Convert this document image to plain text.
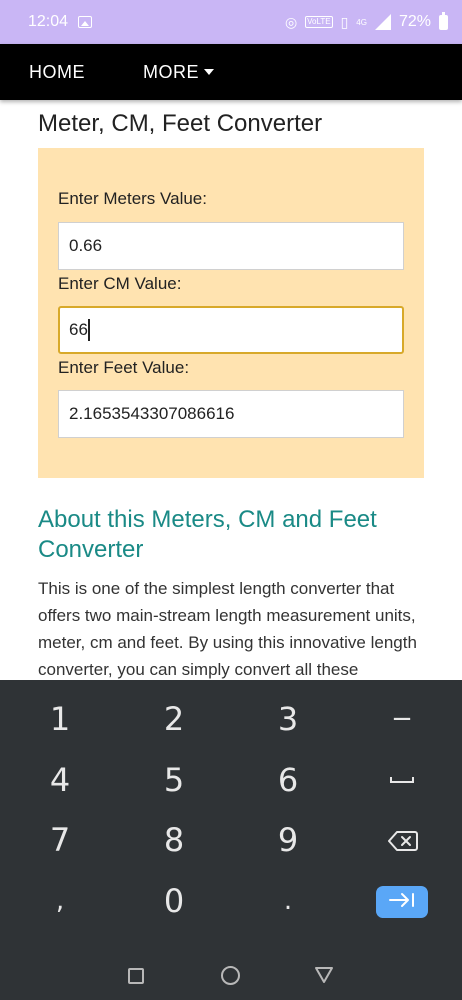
12:04	◎ VoLTE ▯ 4G 72%
HOME	MORE
Meter, CM, Feet Converter
Enter Meters Value:
0.66
Enter CM Value:
66
Enter Feet Value:
2.1653543307086616
About this Meters, CM and Feet Converter

This is one of the simplest length converter that offers two main-stream length measurement units, meter, cm and feet. By using this innovative length converter, you can simply convert all these

1	2	3	−
4	5	6
7	8	9
,	0	.
